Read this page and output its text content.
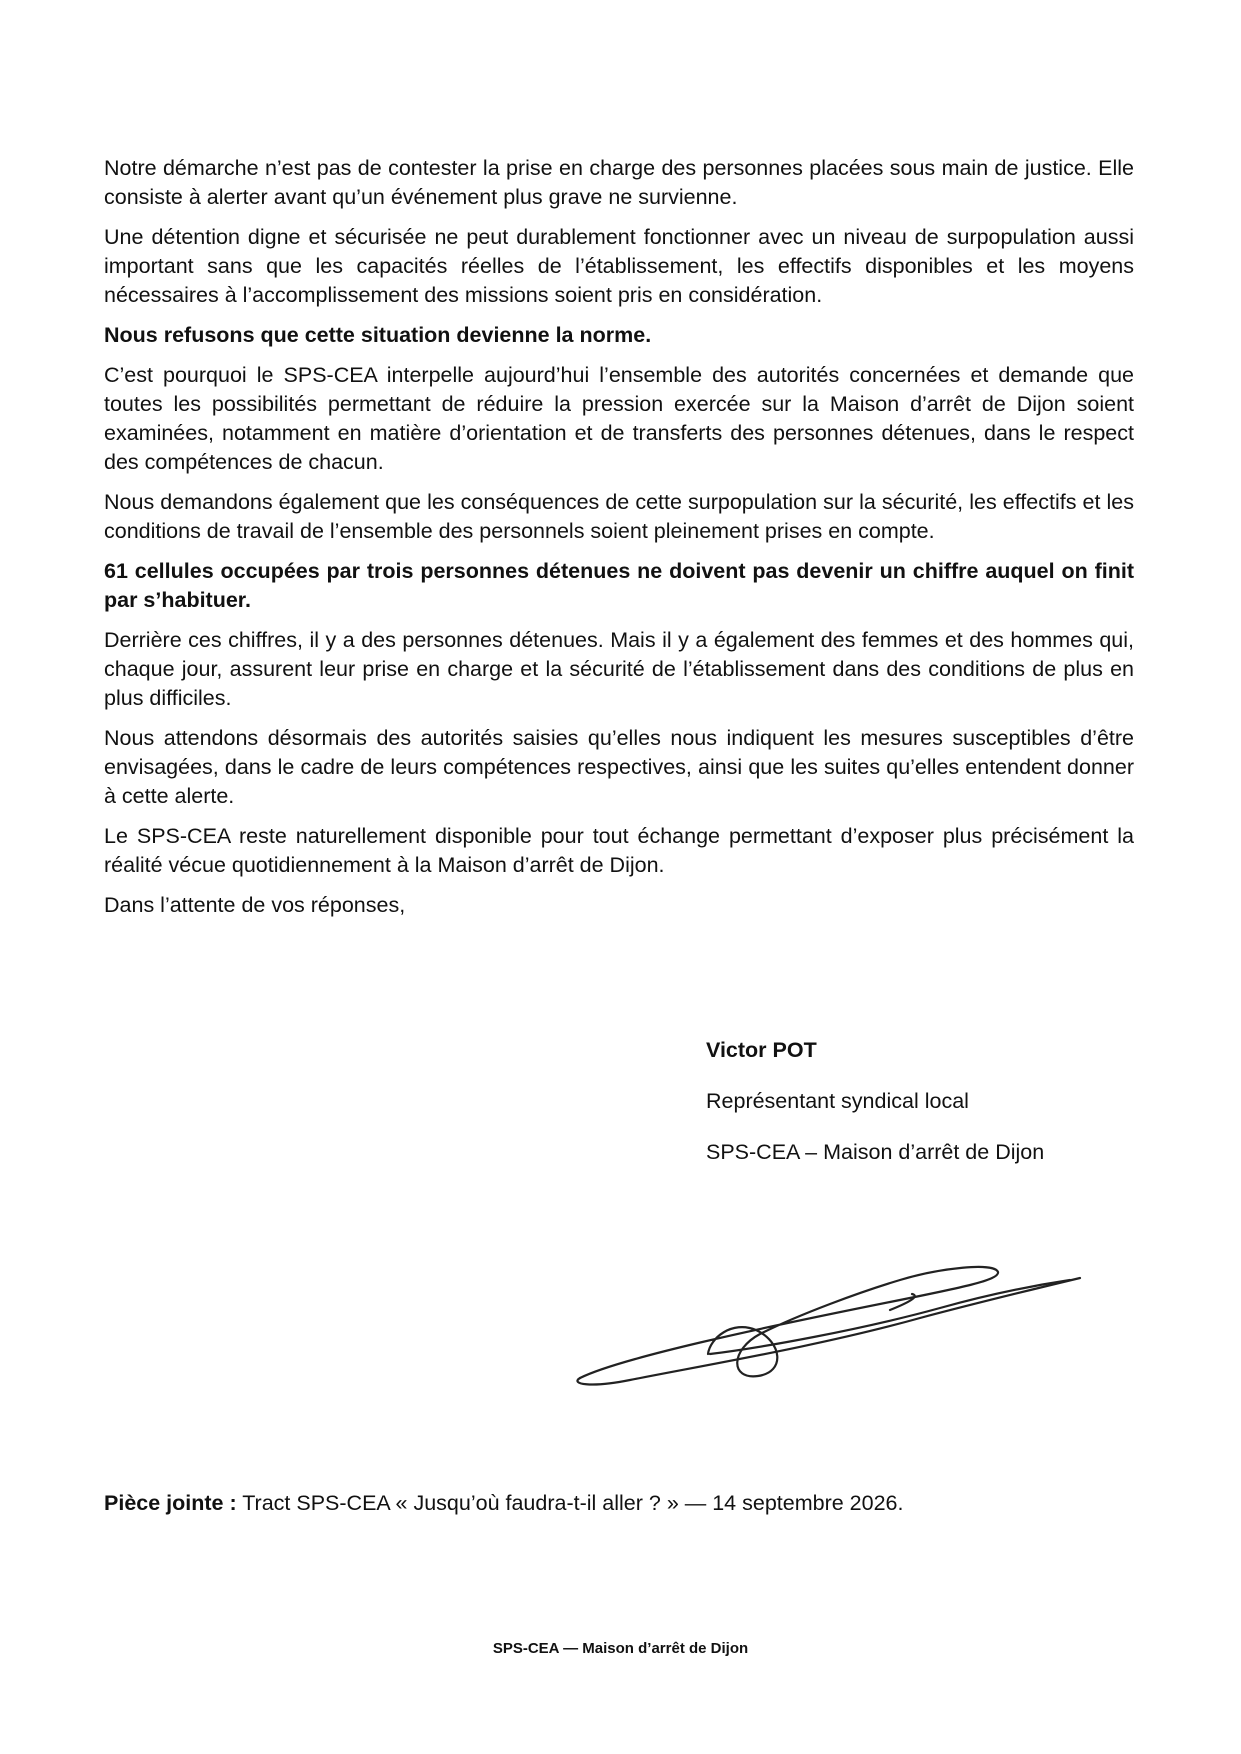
Notre démarche n’est pas de contester la prise en charge des personnes placées sous main de justice. Elle consiste à alerter avant qu’un événement plus grave ne survienne.

Une détention digne et sécurisée ne peut durablement fonctionner avec un niveau de surpopulation aussi important sans que les capacités réelles de l’établissement, les effectifs disponibles et les moyens nécessaires à l’accomplissement des missions soient pris en considération.

Nous refusons que cette situation devienne la norme.

C’est pourquoi le SPS-CEA interpelle aujourd’hui l’ensemble des autorités concernées et demande que toutes les possibilités permettant de réduire la pression exercée sur la Maison d’arrêt de Dijon soient examinées, notamment en matière d’orientation et de transferts des personnes détenues, dans le respect des compétences de chacun.

Nous demandons également que les conséquences de cette surpopulation sur la sécurité, les effectifs et les conditions de travail de l’ensemble des personnels soient pleinement prises en compte.

61 cellules occupées par trois personnes détenues ne doivent pas devenir un chiffre auquel on finit par s’habituer.

Derrière ces chiffres, il y a des personnes détenues. Mais il y a également des femmes et des hommes qui, chaque jour, assurent leur prise en charge et la sécurité de l’établissement dans des conditions de plus en plus difficiles.

Nous attendons désormais des autorités saisies qu’elles nous indiquent les mesures susceptibles d’être envisagées, dans le cadre de leurs compétences respectives, ainsi que les suites qu’elles entendent donner à cette alerte.

Le SPS-CEA reste naturellement disponible pour tout échange permettant d’exposer plus précisément la réalité vécue quotidiennement à la Maison d’arrêt de Dijon.

Dans l’attente de vos réponses,

Victor POT

Représentant syndical local

SPS-CEA – Maison d’arrêt de Dijon

Pièce jointe : Tract SPS-CEA « Jusqu’où faudra-t-il aller ? » — 14 septembre 2026.
SPS-CEA — Maison d’arrêt de Dijon
